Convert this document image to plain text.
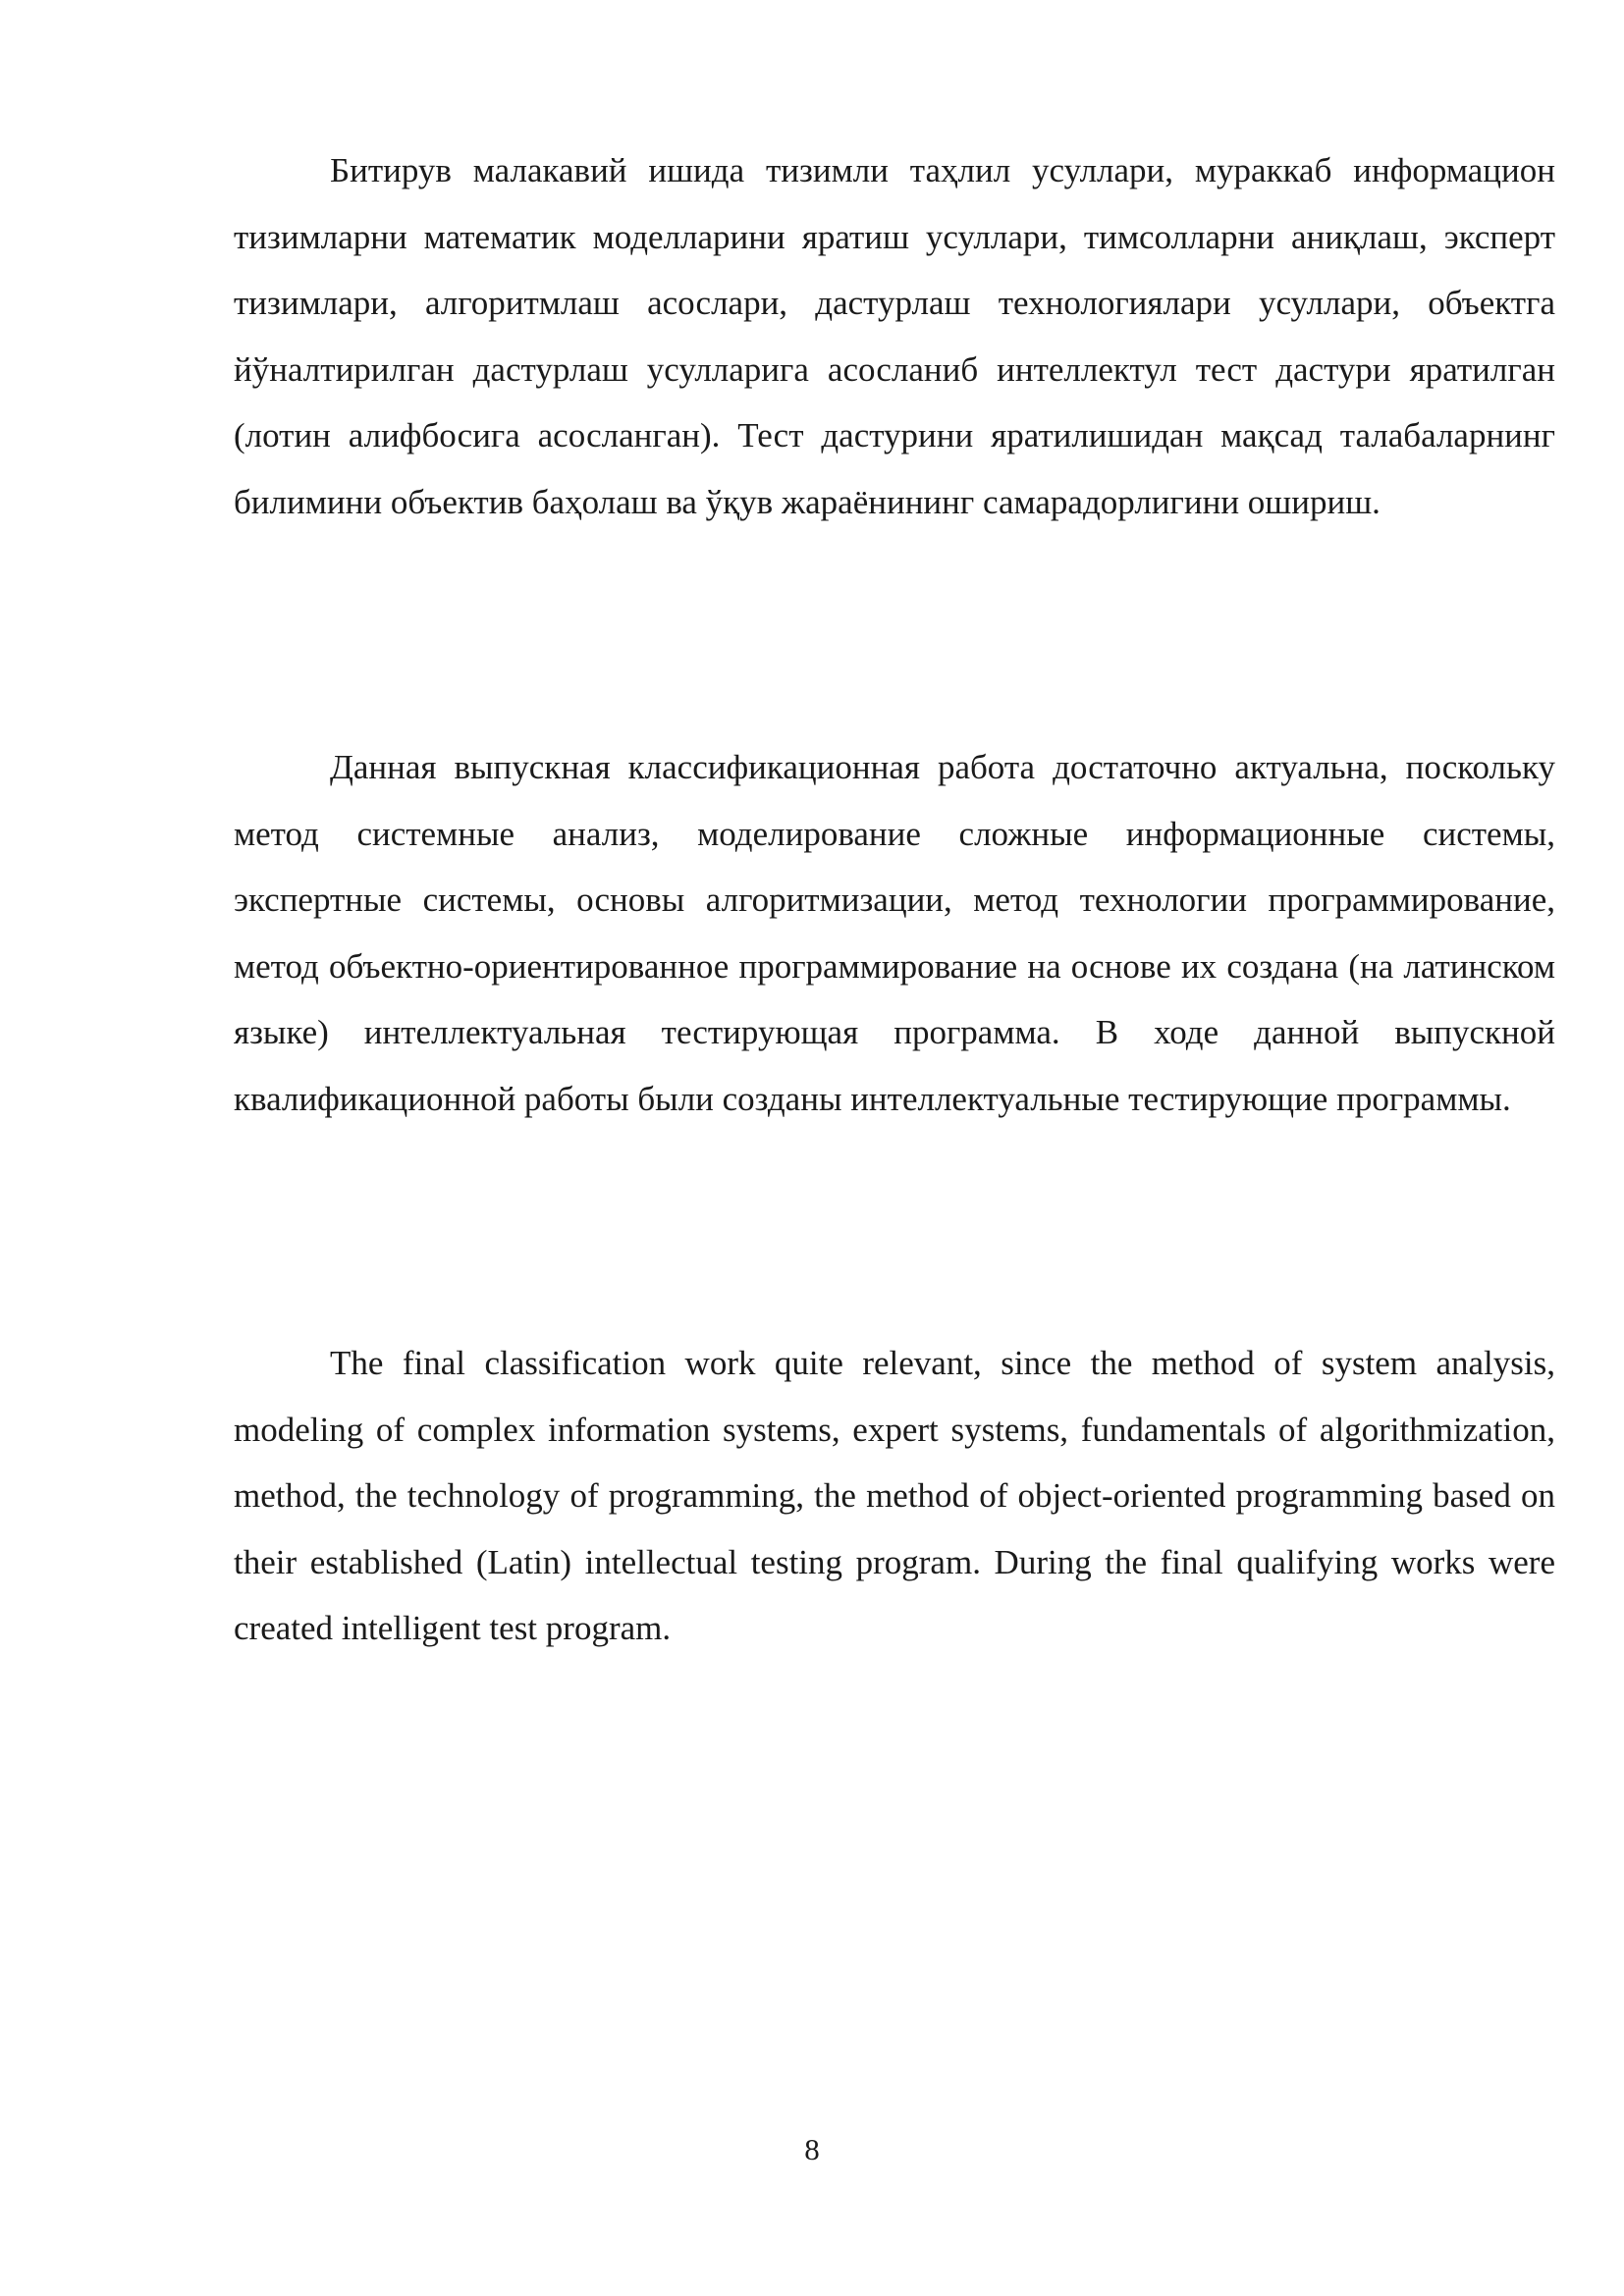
Битирув малакавий ишида тизимли таҳлил усуллари, мураккаб информацион тизимларни математик моделларини яратиш усуллари, тимсолларни аниқлаш, эксперт тизимлари, алгоритмлаш асослари, дастурлаш технологиялари усуллари, объектга йўналтирилган дастурлаш усулларига асосланиб интеллектул тест дастури яратилган (лотин алифбосига асосланган). Тест дастурини яратилишидан мақсад талабаларнинг билимини объектив баҳолаш ва ўқув жараёнининг самарадорлигини ошириш.

Данная выпускная классификационная работа достаточно актуальна, поскольку метод системные анализ, моделирование сложные информационные системы, экспертные системы, основы алгоритмизации, метод технологии программирование, метод объектно-ориентированное программирование на основе их создана (на латинском языке) интеллектуальная тестирующая программа. В ходе данной выпускной квалификационной работы были созданы интеллектуальные тестирующие программы.

The final classification work quite relevant, since the method of system analysis, modeling of complex information systems, expert systems, fundamentals of algorithmization, method, the technology of programming, the method of object-oriented programming based on their established (Latin) intellectual testing program. During the final qualifying works were created intelligent test program.

8
